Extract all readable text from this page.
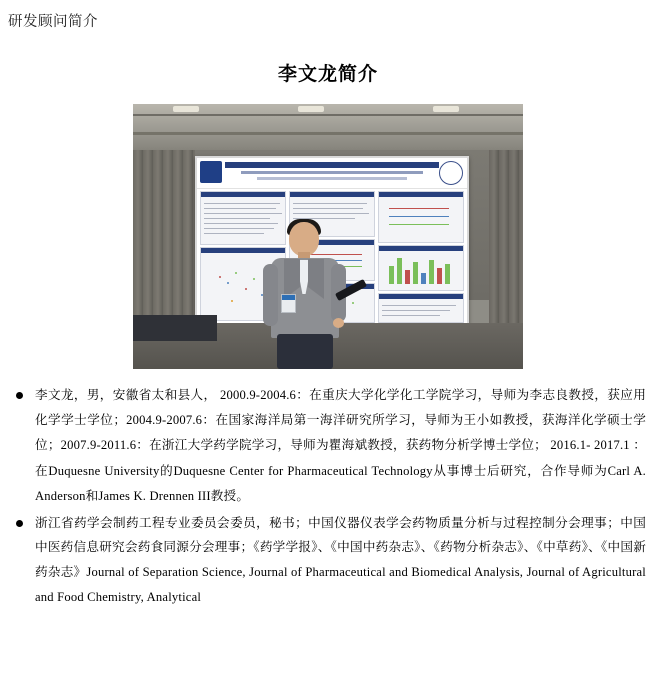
研发顾问简介
李文龙简介
李文龙，男，安徽省太和县人， 2000.9-2004.6：在重庆大学化学化工学院学习，导师为李志良教授，获应用化学学士学位；2004.9-2007.6：在国家海洋局第一海洋研究所学习，导师为王小如教授，获海洋化学硕士学位；2007.9-2011.6：在浙江大学药学院学习，导师为瞿海斌教授，获药物分析学博士学位； 2016.1- 2017.1 ：在Duquesne University的Duquesne Center for Pharmaceutical Technology从事博士后研究，合作导师为Carl A. Anderson和James K. Drennen III教授。
浙江省药学会制药工程专业委员会委员，秘书；中国仪器仪表学会药物质量分析与过程控制分会理事；中国中医药信息研究会药食同源分会理事；《药学学报》、《中国中药杂志》、《药物分析杂志》、《中草药》、《中国新药杂志》Journal of Separation Science, Journal of Pharmaceutical and Biomedical Analysis, Journal of Agricultural and Food Chemistry, Analytical
